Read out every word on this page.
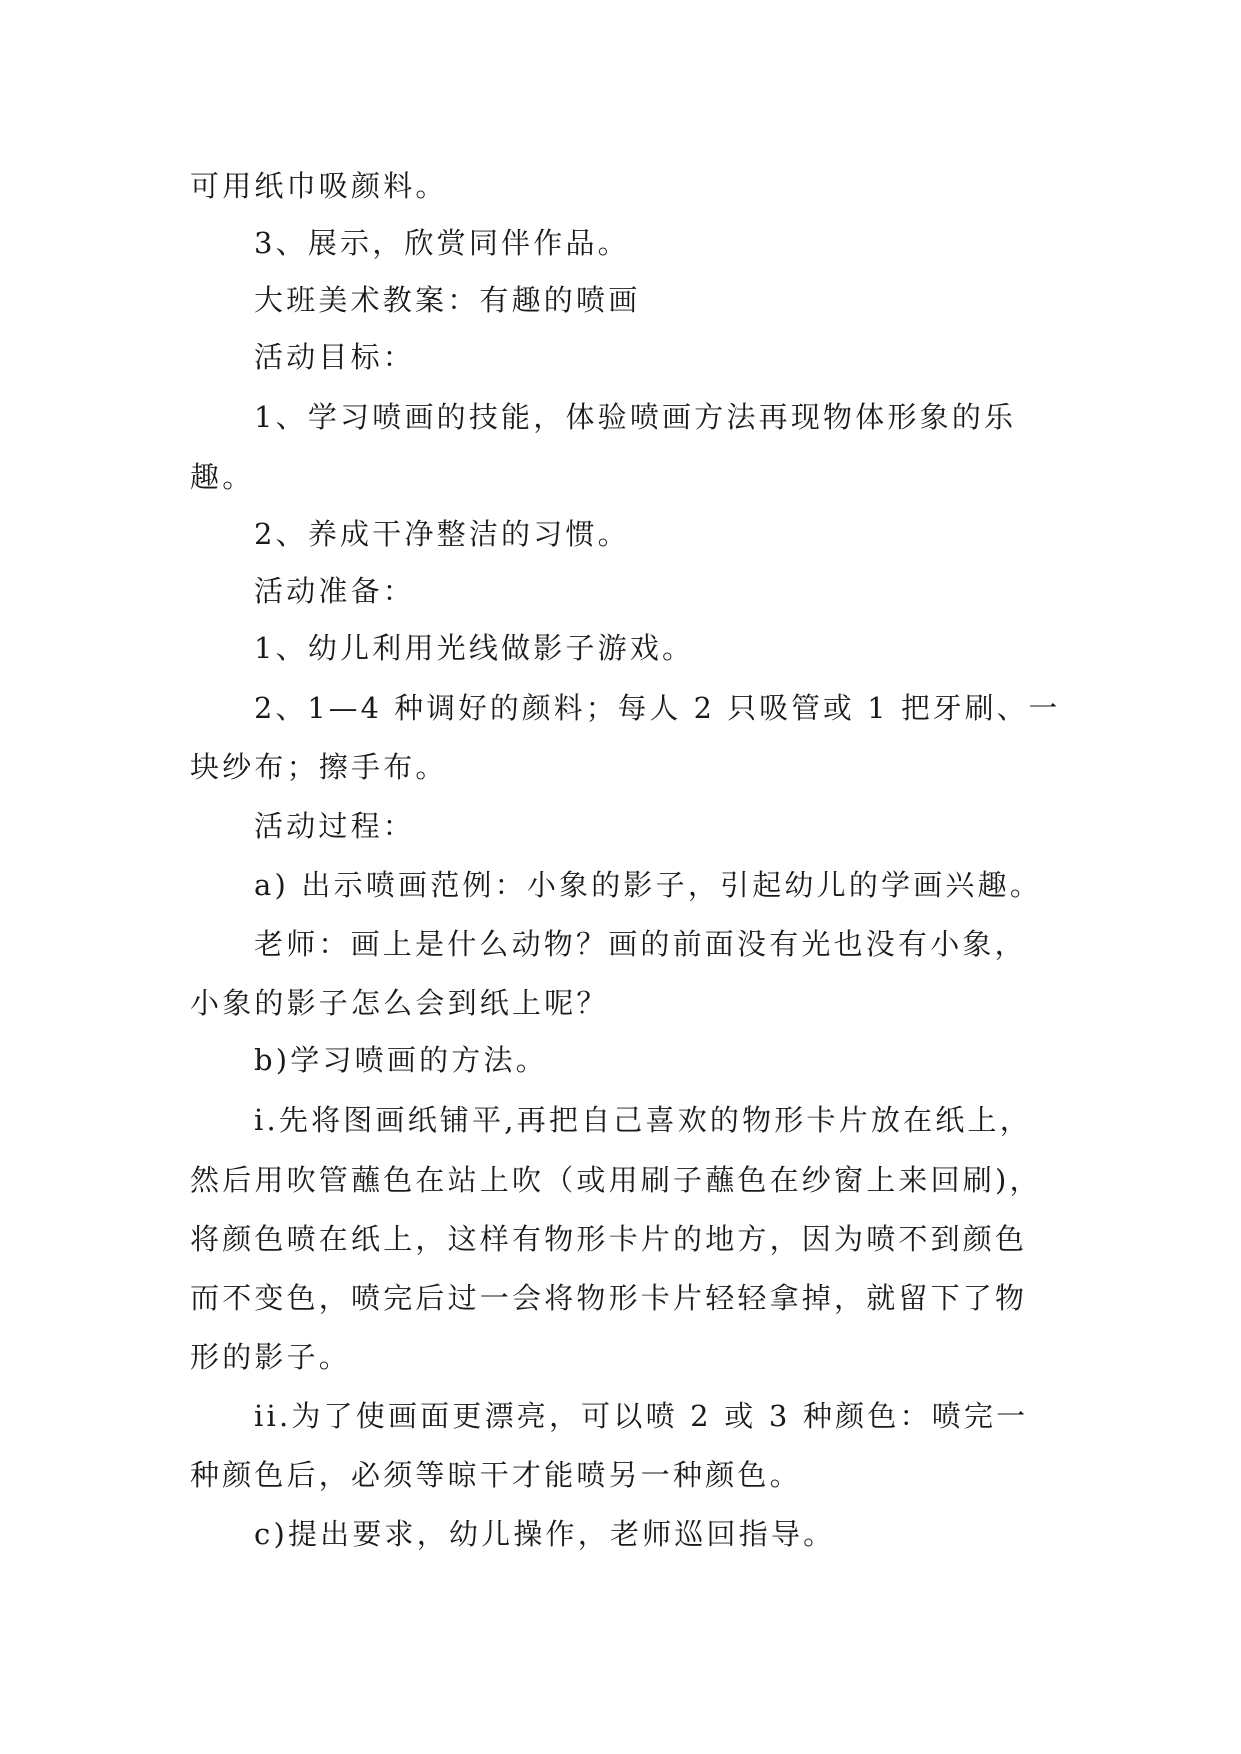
可用纸巾吸颜料。
3、展示，欣赏同伴作品。
大班美术教案：有趣的喷画
活动目标：
1、学习喷画的技能，体验喷画方法再现物体形象的乐
趣。
2、养成干净整洁的习惯。
活动准备：
1、幼儿利用光线做影子游戏。
2、1—4 种调好的颜料；每人 2 只吸管或 1 把牙刷、一
块纱布；擦手布。
活动过程：
a) 出示喷画范例：小象的影子，引起幼儿的学画兴趣。
老师：画上是什么动物？画的前面没有光也没有小象，
小象的影子怎么会到纸上呢？
b)学习喷画的方法。
i.先将图画纸铺平,再把自己喜欢的物形卡片放在纸上，
然后用吹管蘸色在站上吹（或用刷子蘸色在纱窗上来回刷)，
将颜色喷在纸上，这样有物形卡片的地方，因为喷不到颜色
而不变色，喷完后过一会将物形卡片轻轻拿掉，就留下了物
形的影子。
ii.为了使画面更漂亮，可以喷 2 或 3 种颜色：喷完一
种颜色后，必须等晾干才能喷另一种颜色。
c)提出要求，幼儿操作，老师巡回指导。
